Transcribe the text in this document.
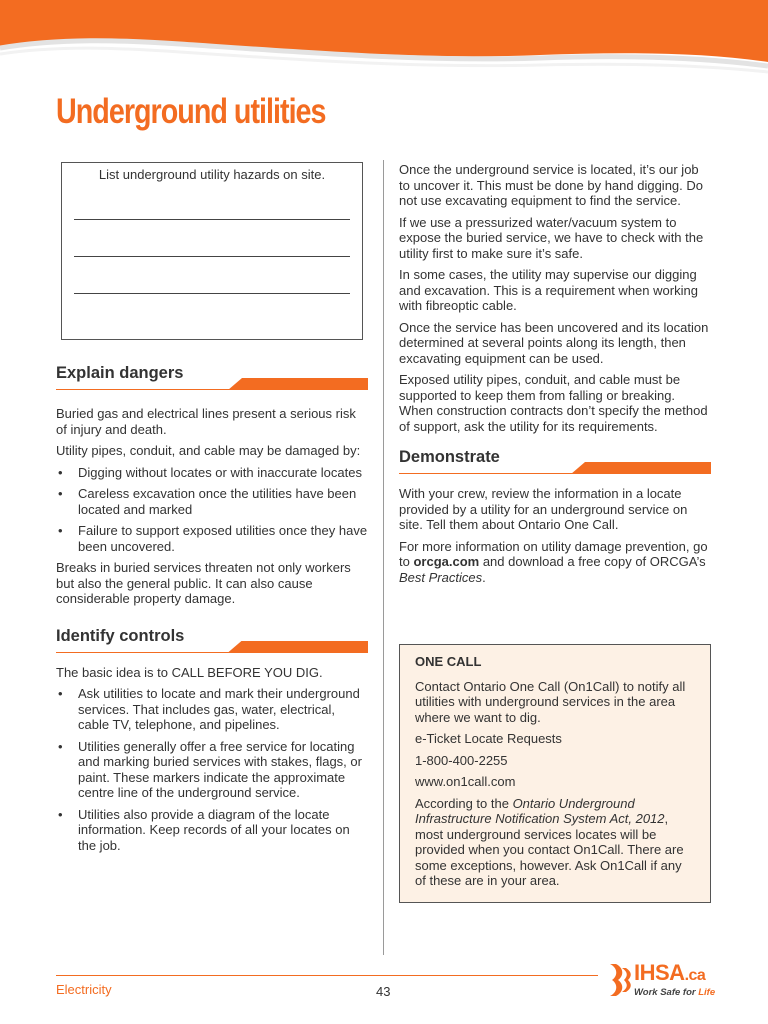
Underground utilities
List underground utility hazards on site.
Explain dangers

Buried gas and electrical lines present a serious risk of injury and death.

Utility pipes, conduit, and cable may be damaged by:

• Digging without locates or with inaccurate locates
• Careless excavation once the utilities have been located and marked
• Failure to support exposed utilities once they have been uncovered.

Breaks in buried services threaten not only workers but also the general public. It can also cause considerable property damage.

Identify controls

The basic idea is to CALL BEFORE YOU DIG.

• Ask utilities to locate and mark their underground services. That includes gas, water, electrical, cable TV, telephone, and pipelines.
• Utilities generally offer a free service for locating and marking buried services with stakes, flags, or paint. These markers indicate the approximate centre line of the underground service.
• Utilities also provide a diagram of the locate information. Keep records of all your locates on the job.

Once the underground service is located, it’s our job to uncover it. This must be done by hand digging. Do not use excavating equipment to find the service.

If we use a pressurized water/vacuum system to expose the buried service, we have to check with the utility first to make sure it’s safe.

In some cases, the utility may supervise our digging and excavation. This is a requirement when working with fibreoptic cable.

Once the service has been uncovered and its location determined at several points along its length, then excavating equipment can be used.

Exposed utility pipes, conduit, and cable must be supported to keep them from falling or breaking. When construction contracts don’t specify the method of support, ask the utility for its requirements.

Demonstrate

With your crew, review the information in a locate provided by a utility for an underground service on site. Tell them about Ontario One Call.

For more information on utility damage prevention, go to orcga.com and download a free copy of ORCGA’s Best Practices.

ONE CALL

Contact Ontario One Call (On1Call) to notify all utilities with underground services in the area where we want to dig.

e-Ticket Locate Requests

1-800-400-2255

www.on1call.com

According to the Ontario Underground Infrastructure Notification System Act, 2012, most underground services locates will be provided when you contact On1Call. There are some exceptions, however. Ask On1Call if any of these are in your area.

Electricity	43
IHSA.ca
Work Safe for Life
